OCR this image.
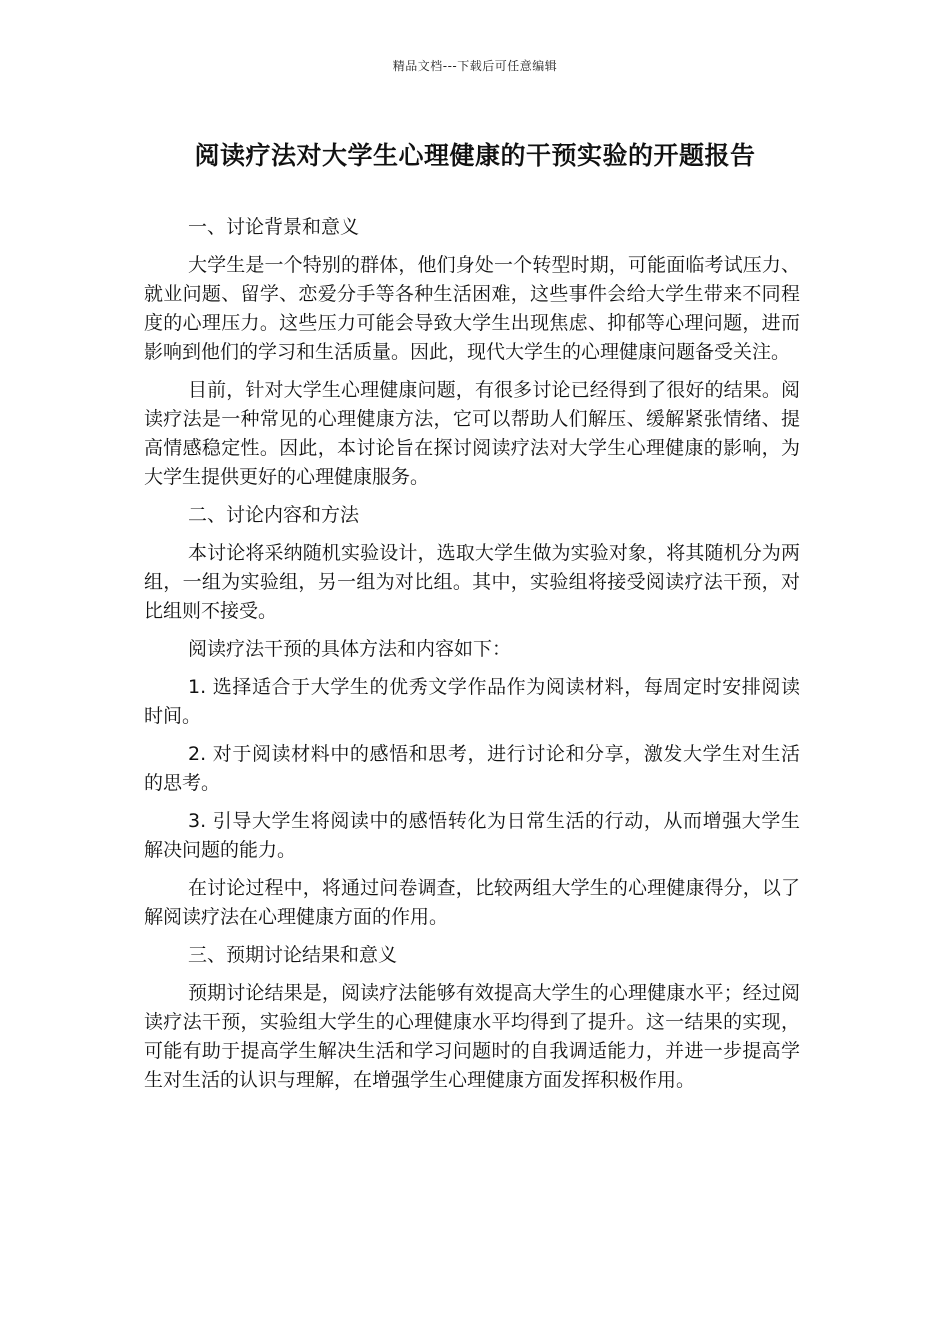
精品文档---下载后可任意编辑
阅读疗法对大学生心理健康的干预实验的开题报告

一、讨论背景和意义

大学生是一个特别的群体，他们身处一个转型时期，可能面临考试压力、就业问题、留学、恋爱分手等各种生活困难，这些事件会给大学生带来不同程度的心理压力。这些压力可能会导致大学生出现焦虑、抑郁等心理问题，进而影响到他们的学习和生活质量。因此，现代大学生的心理健康问题备受关注。

目前，针对大学生心理健康问题，有很多讨论已经得到了很好的结果。阅读疗法是一种常见的心理健康方法，它可以帮助人们解压、缓解紧张情绪、提高情感稳定性。因此，本讨论旨在探讨阅读疗法对大学生心理健康的影响，为大学生提供更好的心理健康服务。

二、讨论内容和方法

本讨论将采纳随机实验设计，选取大学生做为实验对象，将其随机分为两组，一组为实验组，另一组为对比组。其中，实验组将接受阅读疗法干预，对比组则不接受。

阅读疗法干预的具体方法和内容如下：

1. 选择适合于大学生的优秀文学作品作为阅读材料，每周定时安排阅读时间。

2. 对于阅读材料中的感悟和思考，进行讨论和分享，激发大学生对生活的思考。

3. 引导大学生将阅读中的感悟转化为日常生活的行动，从而增强大学生解决问题的能力。

在讨论过程中，将通过问卷调查，比较两组大学生的心理健康得分，以了解阅读疗法在心理健康方面的作用。

三、预期讨论结果和意义

预期讨论结果是，阅读疗法能够有效提高大学生的心理健康水平；经过阅读疗法干预，实验组大学生的心理健康水平均得到了提升。这一结果的实现，可能有助于提高学生解决生活和学习问题时的自我调适能力，并进一步提高学生对生活的认识与理解，在增强学生心理健康方面发挥积极作用。
